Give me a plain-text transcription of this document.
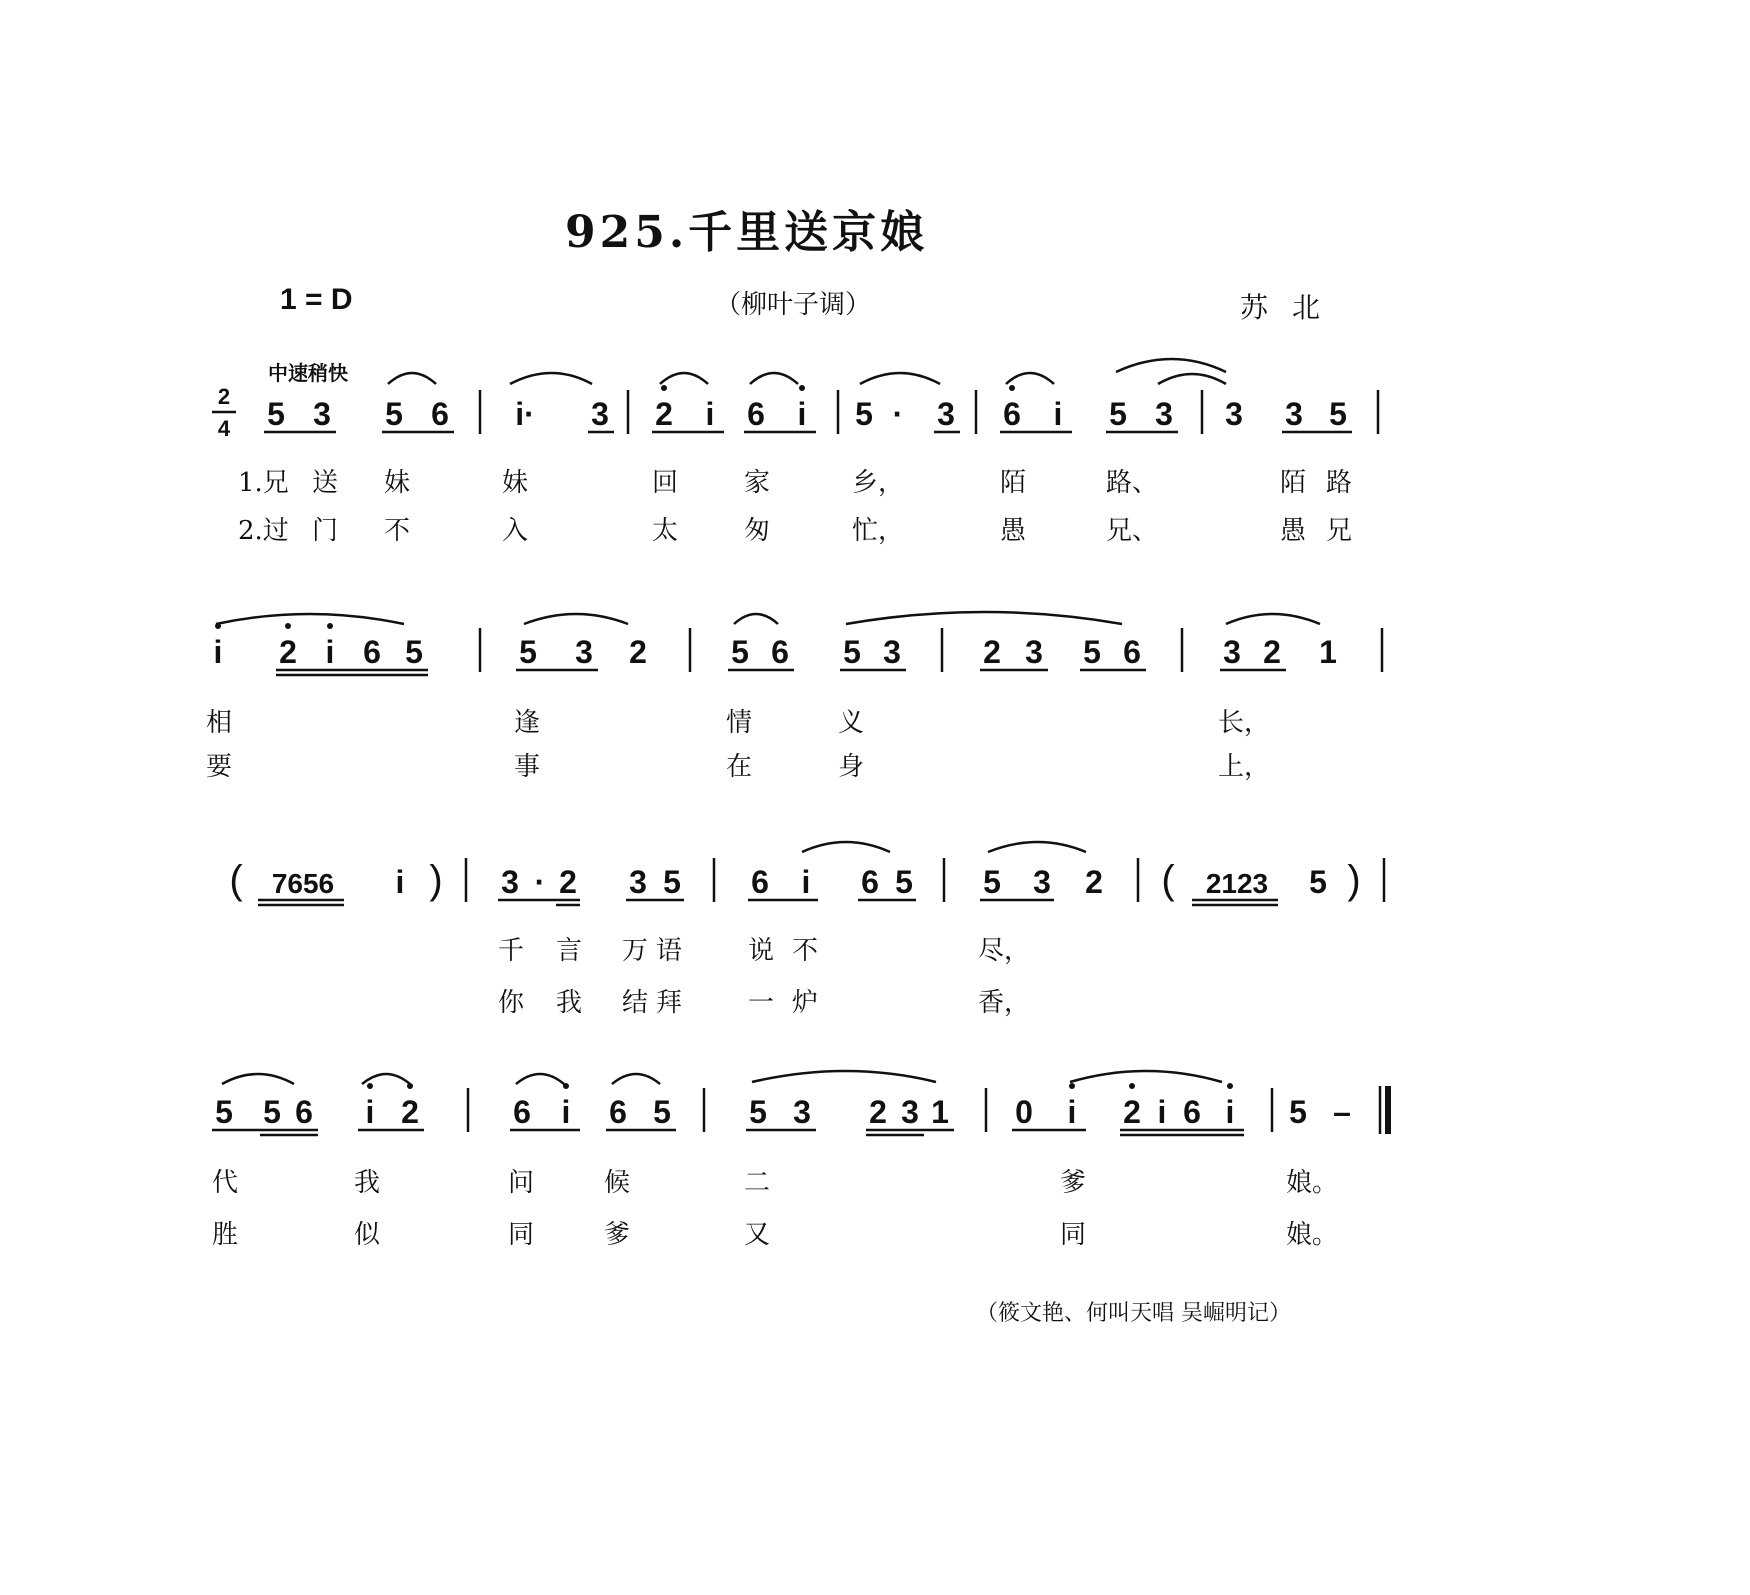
925.千里送京娘
1 = D	（柳叶子调）	苏北
中速稍快
2
4 5 3 5 6 i· 3 2 i 6 i 5 · 3 6 i 5 3 3 3 5
1.兄 送 妹	妹	回	家	乡，	陌	路、	陌 路
2.过 门 不	入	太	匆	忙，	愚	兄、	愚 兄
i 2 i 6 5	5 3 2	5 6 5 3	2 3 5 6	3 2 1
相	逢	情	义	长，
要	事	在	身	上，
(	7656	i ) 3 · 2 3 5 6 i 6 5 5 3 2 (	2123	5 )
千 言 万 语	说 不	尽，
你 我 结 拜	一 炉	香，
5 5 6 i 2	6 i 6 5 5 3 2 3 1 0 i 2 i 6 i 5 –
代	我	问	候	二	爹	娘。
胜	似	同	爹	又	同	娘。
（筱文艳、何叫天唱 吴崛明记）
